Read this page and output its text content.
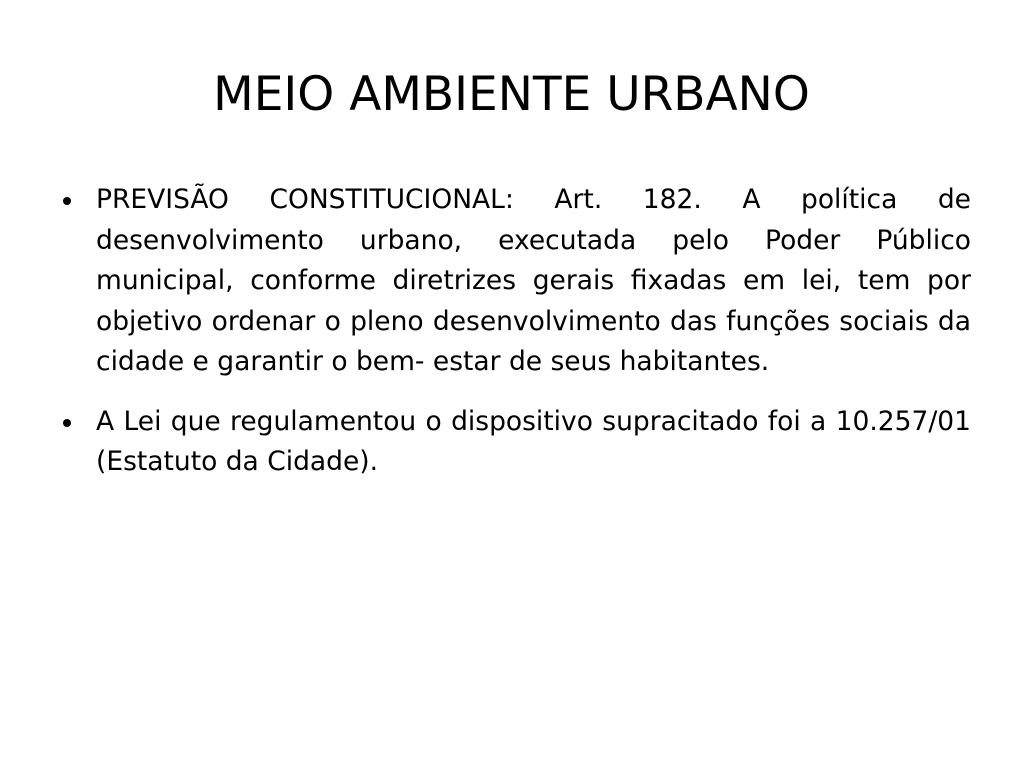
MEIO AMBIENTE URBANO
PREVISÃO CONSTITUCIONAL: Art. 182. A política de desenvolvimento urbano, executada pelo Poder Público municipal, conforme diretrizes gerais fixadas em lei, tem por objetivo ordenar o pleno desenvolvimento das funções sociais da cidade e garantir o bem- estar de seus habitantes.
A Lei que regulamentou o dispositivo supracitado foi a 10.257/01 (Estatuto da Cidade).
